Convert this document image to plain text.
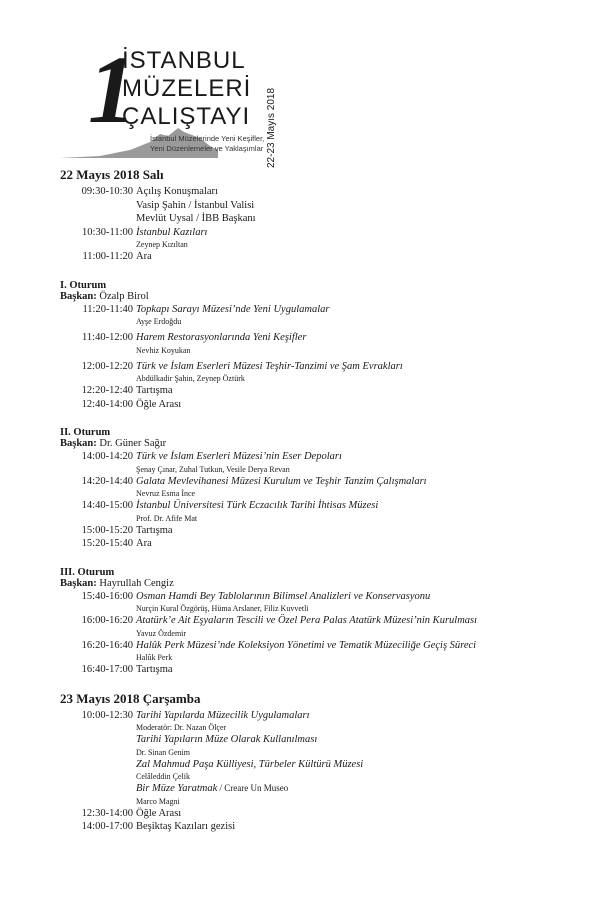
1
İSTANBUL
MÜZELERİ
ÇALIŞTAYI
İstanbul Müzelerinde Yeni Keşifler,
Yeni Düzenlemeler ve Yaklaşımlar 22-23 Mayıs 2018
22 Mayıs 2018 Salı
09:30-10:30 Açılış Konuşmaları
Vasip Şahin / İstanbul Valisi
Mevlüt Uysal / İBB Başkanı
10:30-11:00 İstanbul Kazıları
Zeynep Kızıltan
11:00-11:20 Ara
I. Oturum
Başkan: Özalp Birol
11:20-11:40 Topkapı Sarayı Müzesi’nde Yeni Uygulamalar
Ayşe Erdoğdu
11:40-12:00 Harem Restorasyonlarında Yeni Keşifler
Nevhiz Koyukan
12:00-12:20 Türk ve İslam Eserleri Müzesi Teşhir-Tanzimi ve Şam Evrakları
Abdülkadir Şahin, Zeynep Öztürk
12:20-12:40 Tartışma
12:40-14:00 Öğle Arası
II. Oturum
Başkan: Dr. Güner Sağır
14:00-14:20 Türk ve İslam Eserleri Müzesi’nin Eser Depoları
Şenay Çınar, Zuhal Tutkun, Vesile Derya Revan
14:20-14:40 Galata Mevlevihanesi Müzesi Kurulum ve Teşhir Tanzim Çalışmaları
Nevruz Esma İnce
14:40-15:00 İstanbul Üniversitesi Türk Eczacılık Tarihi İhtisas Müzesi
Prof. Dr. Afife Mat
15:00-15:20 Tartışma
15:20-15:40 Ara
III. Oturum
Başkan: Hayrullah Cengiz
15:40-16:00 Osman Hamdi Bey Tablolarının Bilimsel Analizleri ve Konservasyonu
Nurçin Kural Özgörüş, Hüma Arslaner, Filiz Kuvvetli
16:00-16:20 Atatürk’e Ait Eşyaların Tescili ve Özel Pera Palas Atatürk Müzesi’nin Kurulması
Yavuz Özdemir
16:20-16:40 Halûk Perk Müzesi’nde Koleksiyon Yönetimi ve Tematik Müzeciliğe Geçiş Süreci
Halûk Perk
16:40-17:00 Tartışma
23 Mayıs 2018 Çarşamba
10:00-12:30 Tarihi Yapılarda Müzecilik Uygulamaları
Moderatör: Dr. Nazan Ölçer
Tarihi Yapıların Müze Olarak Kullanılması
Dr. Sinan Genim
Zal Mahmud Paşa Külliyesi, Türbeler Kültürü Müzesi
Celâleddin Çelik
Bir Müze Yaratmak / Creare Un Museo
Marco Magni
12:30-14:00 Öğle Arası
14:00-17:00 Beşiktaş Kazıları gezisi
